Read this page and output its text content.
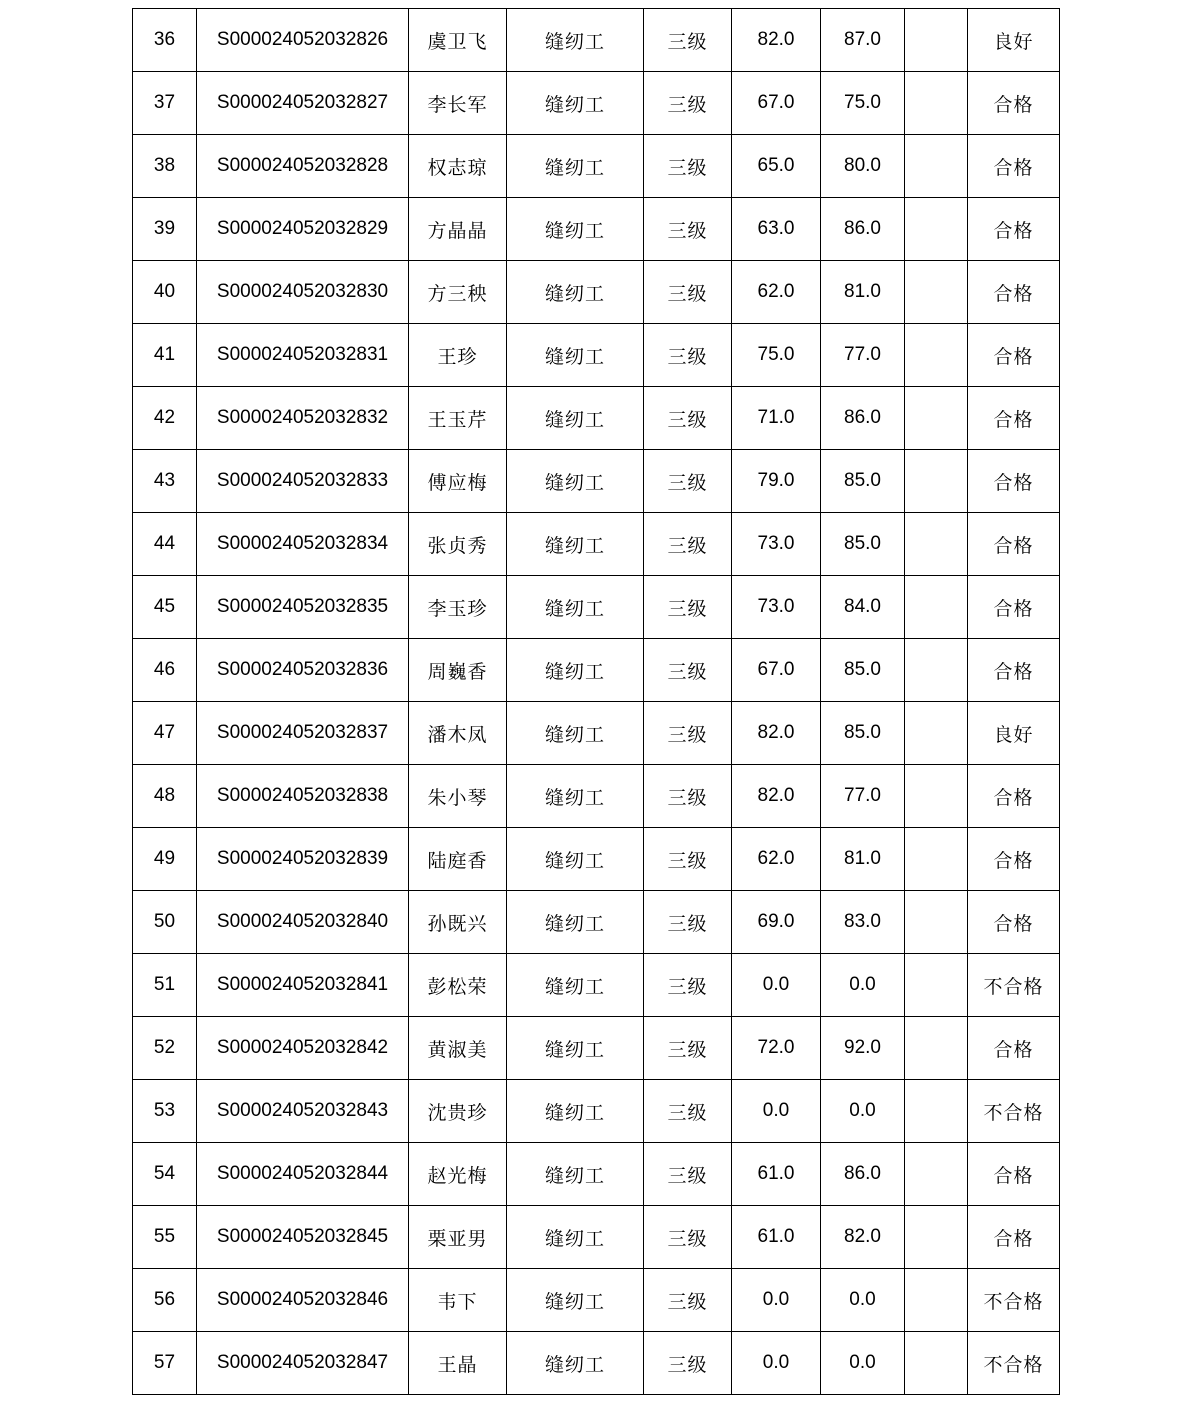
36	S000024052032826	虞卫飞	缝纫工	三级	82.0	87.0		良好
37	S000024052032827	李长军	缝纫工	三级	67.0	75.0		合格
38	S000024052032828	权志琼	缝纫工	三级	65.0	80.0		合格
39	S000024052032829	方晶晶	缝纫工	三级	63.0	86.0		合格
40	S000024052032830	方三秧	缝纫工	三级	62.0	81.0		合格
41	S000024052032831	王珍	缝纫工	三级	75.0	77.0		合格
42	S000024052032832	王玉芹	缝纫工	三级	71.0	86.0		合格
43	S000024052032833	傅应梅	缝纫工	三级	79.0	85.0		合格
44	S000024052032834	张贞秀	缝纫工	三级	73.0	85.0		合格
45	S000024052032835	李玉珍	缝纫工	三级	73.0	84.0		合格
46	S000024052032836	周巍香	缝纫工	三级	67.0	85.0		合格
47	S000024052032837	潘木凤	缝纫工	三级	82.0	85.0		良好
48	S000024052032838	朱小琴	缝纫工	三级	82.0	77.0		合格
49	S000024052032839	陆庭香	缝纫工	三级	62.0	81.0		合格
50	S000024052032840	孙既兴	缝纫工	三级	69.0	83.0		合格
51	S000024052032841	彭松荣	缝纫工	三级	0.0	0.0		不合格
52	S000024052032842	黄淑美	缝纫工	三级	72.0	92.0		合格
53	S000024052032843	沈贵珍	缝纫工	三级	0.0	0.0		不合格
54	S000024052032844	赵光梅	缝纫工	三级	61.0	86.0		合格
55	S000024052032845	栗亚男	缝纫工	三级	61.0	82.0		合格
56	S000024052032846	韦下	缝纫工	三级	0.0	0.0		不合格
57	S000024052032847	王晶	缝纫工	三级	0.0	0.0		不合格
